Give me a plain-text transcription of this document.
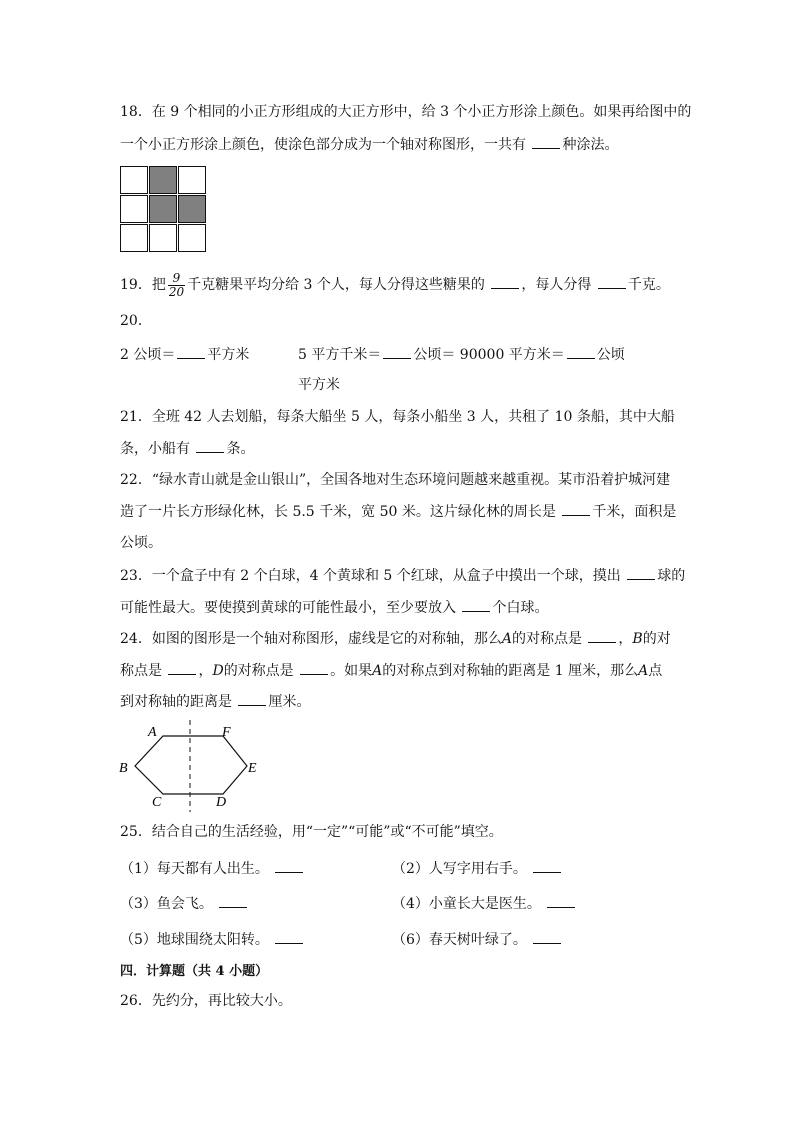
18．在 9 个相同的小正方形组成的大正方形中，给 3 个小正方形涂上颜色。如果再给图中的
一个小正方形涂上颜色，使涂色部分成为一个轴对称图形，一共有 种涂法。
19．把 $\frac{9}{20}$ 千克糖果平均分给 3 个人，每人分得这些糖果的 ，每人分得 千克。
20．
2 公顷＝ 平方米	5 平方千米＝ 公顷＝ 90000 平方米＝ 公顷
平方米
21．全班 42 人去划船，每条大船坐 5 人，每条小船坐 3 人，共租了 10 条船，其中大船
条，小船有 条。
22．“绿水青山就是金山银山”，全国各地对生态环境问题越来越重视。某市沿着护城河建
造了一片长方形绿化林，长 5.5 千米，宽 50 米。这片绿化林的周长是 千米，面积是
公顷。
23．一个盒子中有 2 个白球，4 个黄球和 5 个红球，从盒子中摸出一个球，摸出 球的
可能性最大。要使摸到黄球的可能性最小，至少要放入 个白球。
24．如图的图形是一个轴对称图形，虚线是它的对称轴，那么A的对称点是 ，B的对
称点是 ，D的对称点是 。如果A的对称点到对称轴的距离是 1 厘米，那么A点
到对称轴的距离是 厘米。
A	F
B	E
C	D
25．结合自己的生活经验，用“一定”“可能”或“不可能”填空。
（1）每天都有人出生。	（2）人写字用右手。
（3）鱼会飞。	（4）小童长大是医生。
（5）地球围绕太阳转。	（6）春天树叶绿了。
四．计算题（共 4 小题）
26．先约分，再比较大小。
